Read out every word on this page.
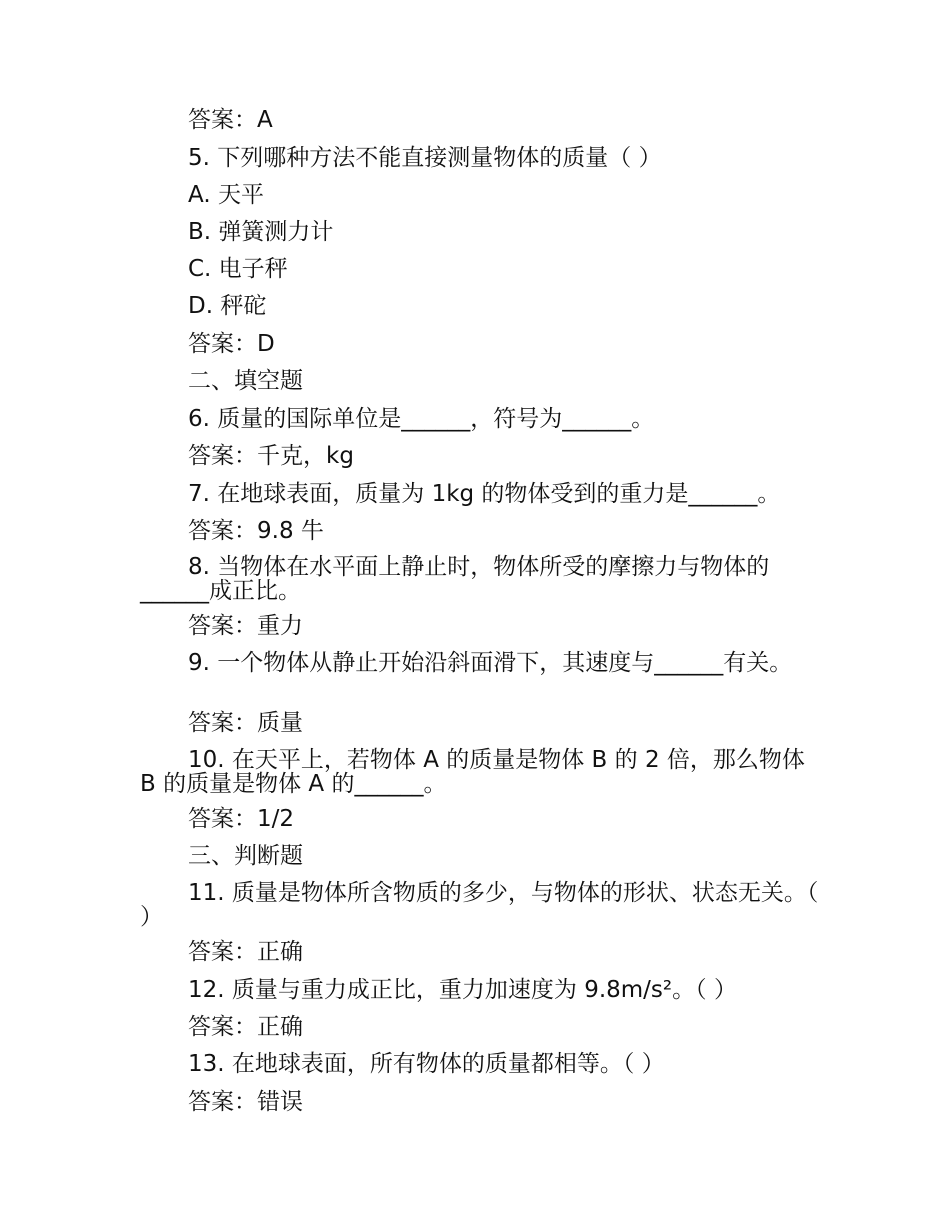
答案：A
5. 下列哪种方法不能直接测量物体的质量（ ）
A. 天平
B. 弹簧测力计
C. 电子秤
D. 秤砣
答案：D
二、填空题
6. 质量的国际单位是______，符号为______。
答案：千克，kg
7. 在地球表面，质量为 1kg 的物体受到的重力是______。
答案：9.8 牛
8. 当物体在水平面上静止时，物体所受的摩擦力与物体的______成正比。
答案：重力
9. 一个物体从静止开始沿斜面滑下，其速度与______有关。
答案：质量
10. 在天平上，若物体 A 的质量是物体 B 的 2 倍，那么物体 B 的质量是物体 A 的______。
答案：1/2
三、判断题
11. 质量是物体所含物质的多少，与物体的形状、状态无关。（ ）
答案：正确
12. 质量与重力成正比，重力加速度为 9.8m/s²。（ ）
答案：正确
13. 在地球表面，所有物体的质量都相等。（ ）
答案：错误
